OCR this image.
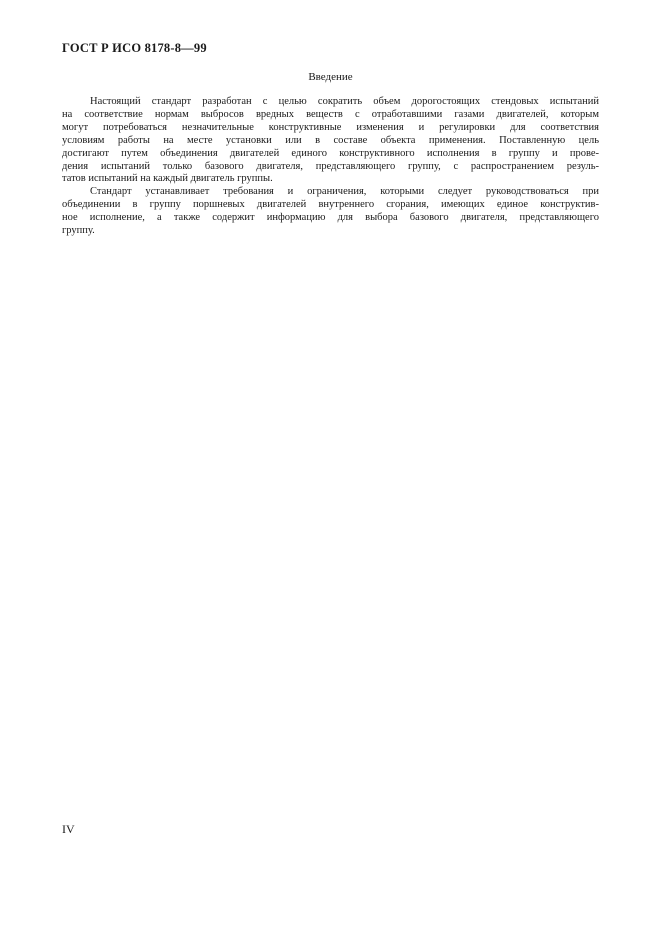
ГОСТ Р ИСО 8178-8—99
Введение
Настоящий стандарт разработан с целью сократить объем дорогостоящих стендовых испытаний
на соответствие нормам выбросов вредных веществ с отработавшими газами двигателей, которым
могут потребоваться незначительные конструктивные изменения и регулировки для соответствия
условиям работы на месте установки или в составе объекта применения. Поставленную цель
достигают путем объединения двигателей единого конструктивного исполнения в группу и прове-
дения испытаний только базового двигателя, представляющего группу, с распространением резуль-
татов испытаний на каждый двигатель группы.
Стандарт устанавливает требования и ограничения, которыми следует руководствоваться при
объединении в группу поршневых двигателей внутреннего сгорания, имеющих единое конструктив-
ное исполнение, а также содержит информацию для выбора базового двигателя, представляющего
группу.
IV
